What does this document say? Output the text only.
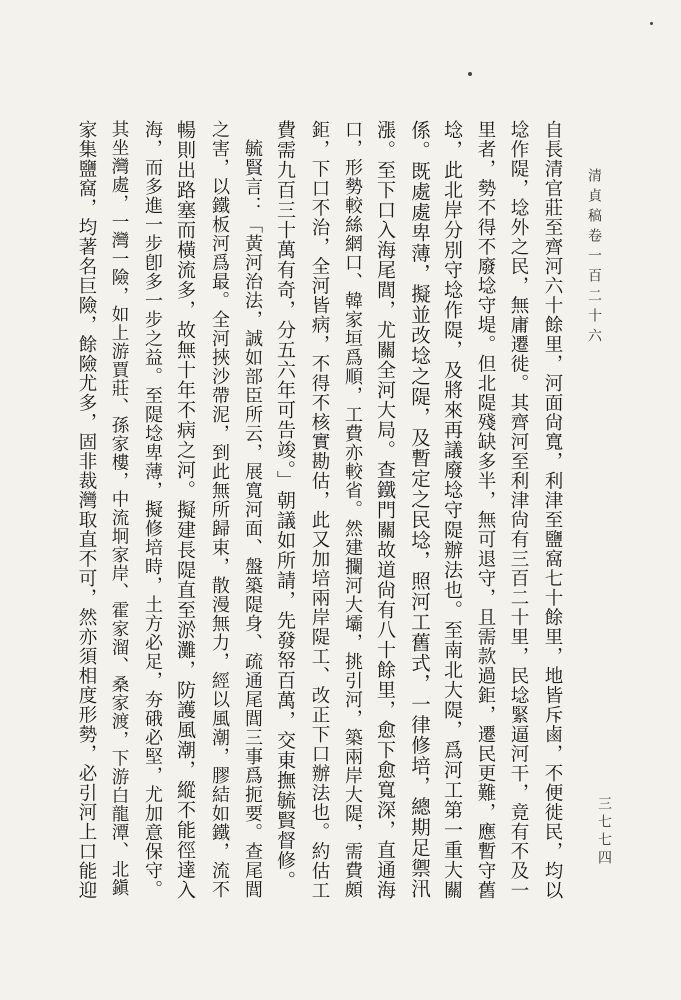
清貞稿卷一百二十六
三七七四
自長清官莊至齊河六十餘里，河面尙寬，利津至鹽窩七十餘里，地皆斥鹵，不便徙民，均以
埝作隄，埝外之民，無庸遷徙。其齊河至利津尙有三百二十里，民埝緊逼河干，竟有不及一
里者，勢不得不廢埝守堤。但北隄殘缺多半，無可退守，且需款過鉅，遷民更難，應暫守舊
埝，此北岸分別守埝作隄，及將來再議廢埝守隄辦法也。至南北大隄，爲河工第一重大關
係。既處處卑薄，擬並改埝之隄，及暫定之民埝，照河工舊式，一律修培，總期足禦汛
漲。至下口入海尾閭，尤關全河大局。查鐵門關故道尙有八十餘里，愈下愈寬深，直通海
口，形勢較絲網口、韓家垣爲順，工費亦較省。然建攔河大壩，挑引河，築兩岸大隄，需費頗
鉅，下口不治，全河皆病，不得不核實勘估，此又加培兩岸隄工、改正下口辦法也。約估工
費需九百三十萬有奇，分五六年可告竣。」朝議如所請，先發帑百萬，交東撫毓賢督修。
　毓賢言：「黃河治法，誠如部臣所云，展寬河面、盤築隄身、疏通尾閭三事爲扼要。查尾閭
之害，以鐵板河爲最。全河挾沙帶泥，到此無所歸束，散漫無力，經以風潮，膠結如鐵，流不
暢則出路塞而橫流多，故無十年不病之河。擬建長隄直至淤灘，防護風潮，縱不能徑達入
海，而多進一步卽多一步之益。至隄埝卑薄，擬修培時，土方必足，夯硪必堅，尤加意保守。
其坐灣處，一灣一險，如上游賈莊、孫家樓，中流坰家岸、霍家溜、桑家渡，下游白龍潭、北鎭
家集鹽窩，均著名巨險，餘險尤多，固非裁灣取直不可，然亦須相度形勢，必引河上口能迎
